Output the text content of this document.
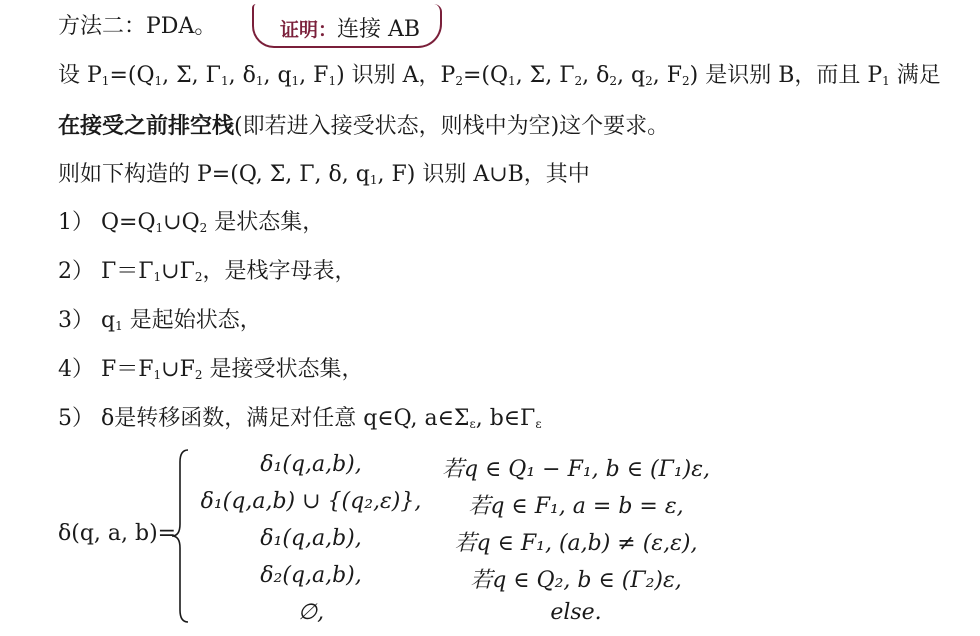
方法二：PDA。	证明：连接 AB
设 $P_1=(Q_1$, Σ, $\Gamma_1$, $\delta_1$, $q_1$, $F_1$) 识别 A，$P_2=(Q_1$, Σ, $\Gamma_2$, $\delta_2$, $q_2$, $F_2$) 是识别 B，而且 $P_1$ 满足
在接受之前排空栈(即若进入接受状态，则栈中为空)这个要求。
则如下构造的 P=(Q, Σ, Γ, δ, $q_1$, F) 识别 A∪B，其中
1） $Q=Q_1\cup Q_2$ 是状态集，
2） $\Gamma=\Gamma_1\cup\Gamma_2$，是栈字母表，
3） $q_1$ 是起始状态，
4） $F=F_1\cup F_2$ 是接受状态集，
5） δ是转移函数，满足对任意 q∈Q, $a\in\Sigma_\varepsilon$, $b\in\Gamma_\varepsilon$
δ(q, a, b)=
δ₁(q,a,b),	若q ∈ Q₁ − F₁, b ∈ (Γ₁)ε,
δ₁(q,a,b) ∪ {(q₂,ε)},	若q ∈ F₁, a = b = ε,
δ₁(q,a,b),	若q ∈ F₁, (a,b) ≠ (ε,ε),
δ₂(q,a,b),	若q ∈ Q₂, b ∈ (Γ₂)ε,
∅,	else.
